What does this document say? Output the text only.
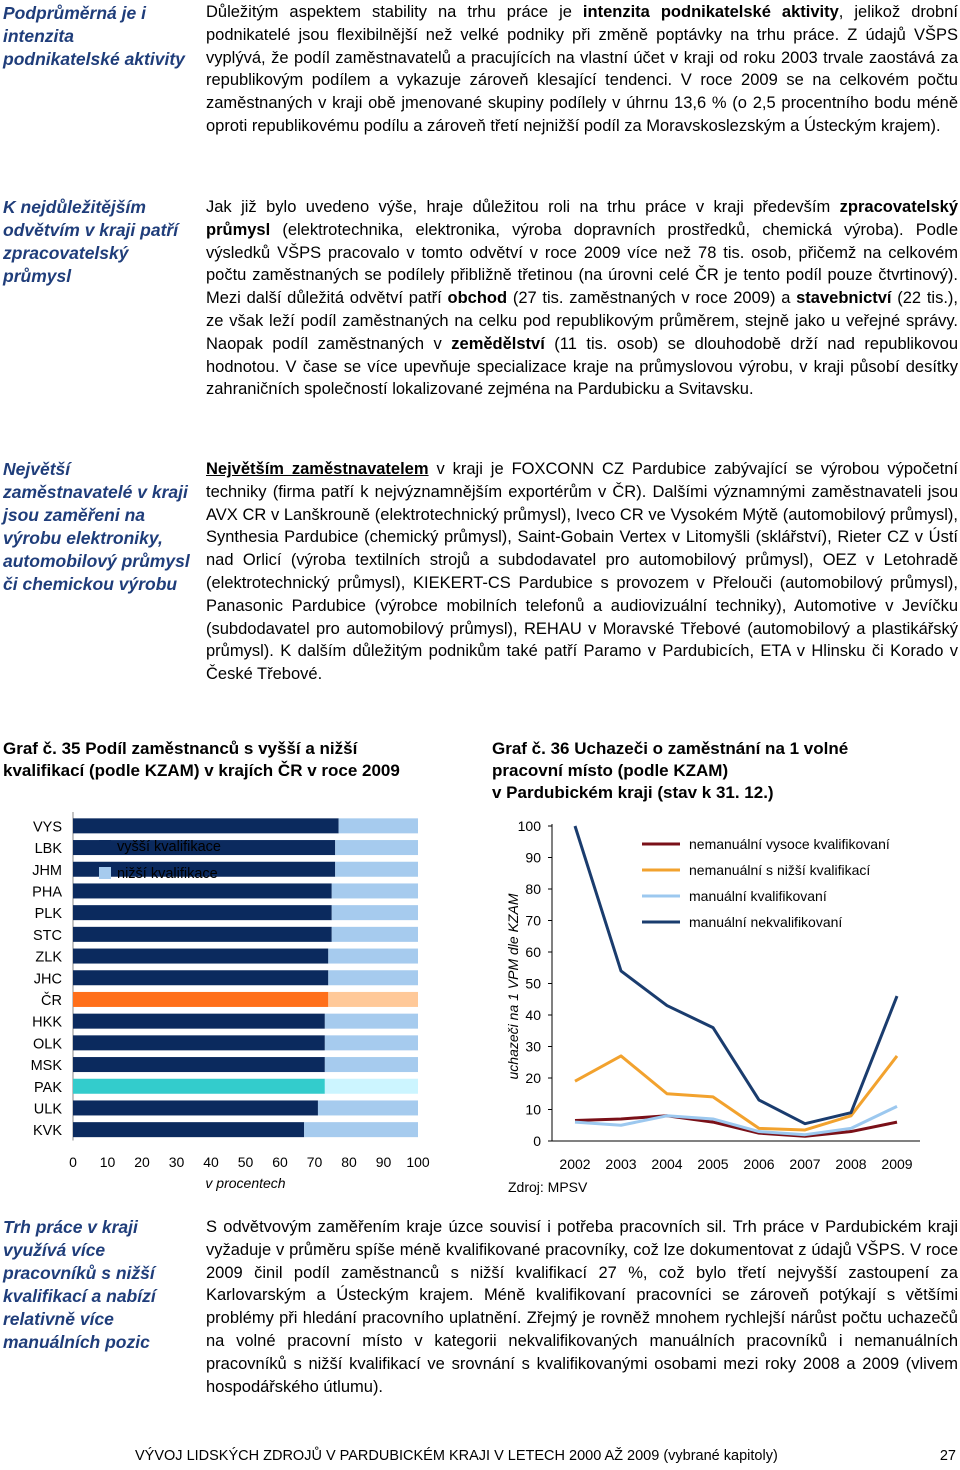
Podprůměrná je i intenzita podnikatelské aktivity
K nejdůležitějším odvětvím v kraji patří zpracovatelský průmysl
Největší zaměstnavatelé v kraji jsou zaměřeni na výrobu elektroniky, automobilový průmysl či chemickou výrobu
Trh práce v kraji využívá více pracovníků s nižší kvalifikací a nabízí relativně více manuálních pozic
Důležitým aspektem stability na trhu práce je intenzita podnikatelské aktivity, jelikož drobní podnikatelé jsou flexibilnější než velké podniky při změně poptávky na trhu práce. Z údajů VŠPS vyplývá, že podíl zaměstnavatelů a pracujících na vlastní účet v kraji od roku 2003 trvale zaostává za republikovým podílem a vykazuje zároveň klesající tendenci. V roce 2009 se na celkovém počtu zaměstnaných v kraji obě jmenované skupiny podílely v úhrnu 13,6 % (o 2,5 procentního bodu méně oproti republikovému podílu a zároveň třetí nejnižší podíl za Moravskoslezským a Ústeckým krajem).
Jak již bylo uvedeno výše, hraje důležitou roli na trhu práce v kraji především zpracovatelský průmysl (elektrotechnika, elektronika, výroba dopravních prostředků, chemická výroba). Podle výsledků VŠPS pracovalo v tomto odvětví v roce 2009 více než 78 tis. osob, přičemž na celkovém počtu zaměstnaných se podílely přibližně třetinou (na úrovni celé ČR je tento podíl pouze čtvrtinový). Mezi další důležitá odvětví patří obchod (27 tis. zaměstnaných v roce 2009) a stavebnictví (22 tis.), ze však leží podíl zaměstnaných na celku pod republikovým průměrem, stejně jako u veřejné správy. Naopak podíl zaměstnaných v zemědělství (11 tis. osob) se dlouhodobě drží nad republikovou hodnotou. V čase se více upevňuje specializace kraje na průmyslovou výrobu, v kraji působí desítky zahraničních společností lokalizované zejména na Pardubicku a Svitavsku.
Největším zaměstnavatelem v kraji je FOXCONN CZ Pardubice zabývající se výrobou výpočetní techniky (firma patří k nejvýznamnějším exportérům v ČR). Dalšími významnými zaměstnavateli jsou AVX CR v Lanškrouně (elektrotechnický průmysl), Iveco CR ve Vysokém Mýtě (automobilový průmysl), Synthesia Pardubice (chemický průmysl), Saint-Gobain Vertex v Litomyšli (sklářství), Rieter CZ v Ústí nad Orlicí (výroba textilních strojů a subdodavatel pro automobilový průmysl), OEZ v Letohradě (elektrotechnický průmysl), KIEKERT-CS Pardubice s provozem v Přelouči (automobilový průmysl), Panasonic Pardubice (výrobce mobilních telefonů a audiovizuální techniky), Automotive v Jevíčku (subdodavatel pro automobilový průmysl), REHAU v Moravské Třebové (automobilový a plastikářský průmysl). K dalším důležitým podnikům také patří Paramo v Pardubicích, ETA v Hlinsku či Korado v České Třebové.
Graf č. 35 Podíl zaměstnanců s vyšší a nižší
kvalifikací (podle KZAM) v krajích ČR v roce 2009
Graf č. 36 Uchazeči o zaměstnání na 1 volné
pracovní místo (podle KZAM)
v Pardubickém kraji (stav k 31. 12.)
VYS
LBK
JHM
PHA
PLK
STC
ZLK
JHC
ČR
HKK
OLK
MSK
PAK
ULK
KVK
0 10 20 30 40 50 60 70 80 90 100
v procentech
vyšší kvalifikace
nižší kvalifikace
0
10
20
30
40
50
60
70
80
90
100
2002 2003 2004 2005 2006 2007 2008 2009
uchazeči na 1 VPM dle KZAM
Zdroj: MPSV
nemanuální vysoce kvalifikovaní
nemanuální s nižší kvalifikací
manuální kvalifikovaní
manuální nekvalifikovaní
S odvětvovým zaměřením kraje úzce souvisí i potřeba pracovních sil. Trh práce v Pardubickém kraji vyžaduje v průměru spíše méně kvalifikované pracovníky, což lze dokumentovat z údajů VŠPS. V roce 2009 činil podíl zaměstnanců s nižší kvalifikací 27 %, což bylo třetí nejvyšší zastoupení za Karlovarským a Ústeckým krajem. Méně kvalifikovaní pracovníci se zároveň potýkají s většími problémy při hledání pracovního uplatnění. Zřejmý je rovněž mnohem rychlejší nárůst počtu uchazečů na volné pracovní místo v kategorii nekvalifikovaných manuálních pracovníků i nemanuálních pracovníků s nižší kvalifikací ve srovnání s kvalifikovanými osobami mezi roky 2008 a 2009 (vlivem hospodářského útlumu).
VÝVOJ LIDSKÝCH ZDROJŮ V PARDUBICKÉM KRAJI V LETECH 2000 AŽ 2009 (vybrané kapitoly)	27
